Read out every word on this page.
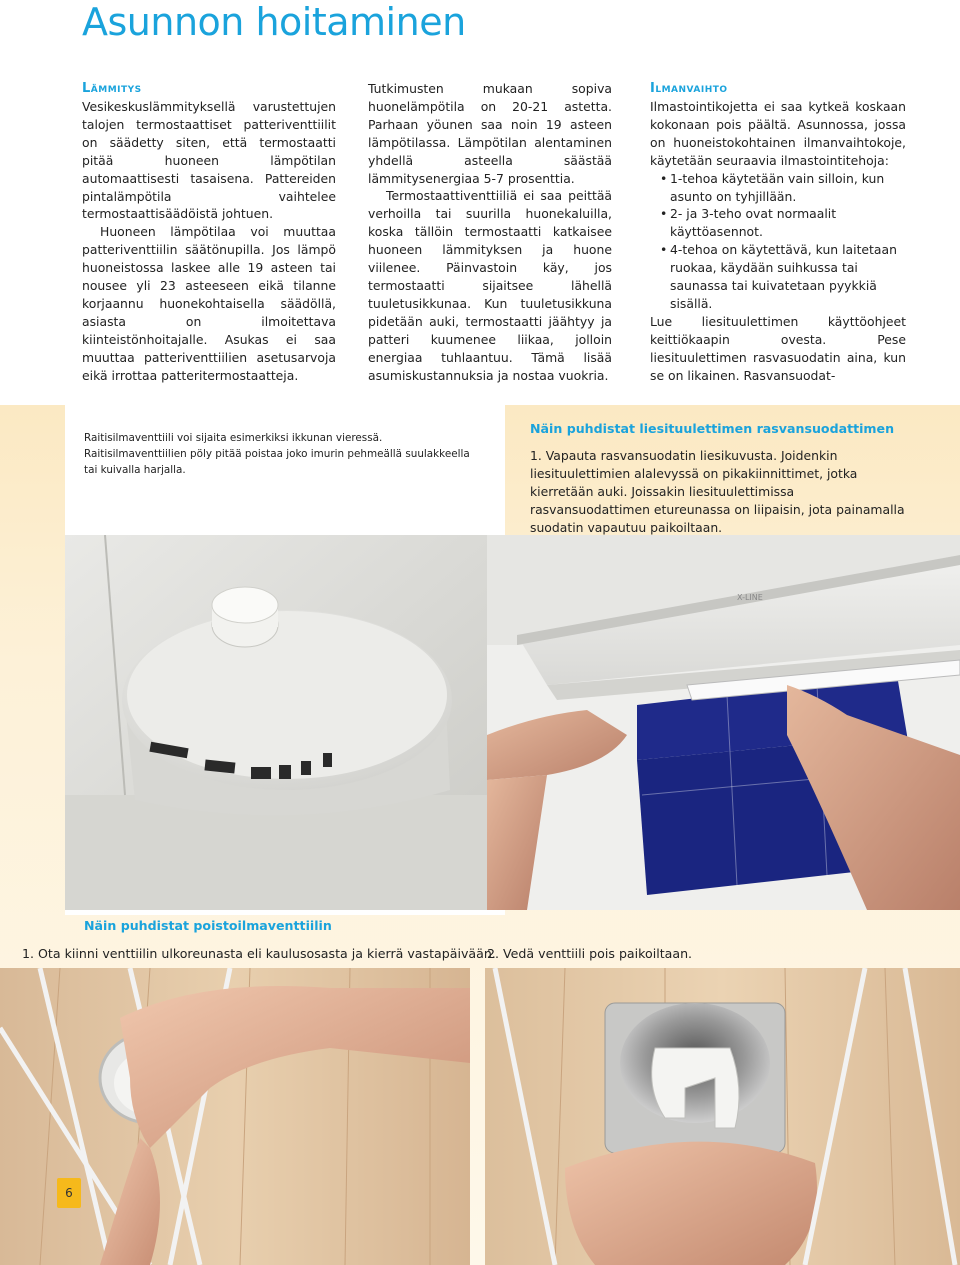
Asunnon hoitaminen
Lämmitys

Vesikeskuslämmityksellä varustettujen talojen termostaattiset patteriventtiilit on säädetty siten, että termostaatti pitää huoneen lämpötilan automaattisesti tasaisena. Pattereiden pintalämpötila vaihtelee termostaattisäädöistä johtuen.

Huoneen lämpötilaa voi muuttaa patteriventtiilin säätönupilla. Jos lämpö huoneistossa laskee alle 19 asteen tai nousee yli 23 asteeseen eikä tilanne korjaannu huonekohtaisella säädöllä, asiasta on ilmoitettava kiinteistönhoitajalle. Asukas ei saa muuttaa patteriventtiilien asetusarvoja eikä irrottaa patteritermostaatteja.

Tutkimusten mukaan sopiva huonelämpötila on 20-21 astetta. Parhaan yöunen saa noin 19 asteen lämpötilassa. Lämpötilan alentaminen yhdellä asteella säästää lämmitysenergiaa 5-7 prosenttia.

Termostaattiventtiiliä ei saa peittää verhoilla tai suurilla huonekaluilla, koska tällöin termostaatti katkaisee huoneen lämmityksen ja huone viilenee. Päinvastoin käy, jos termostaatti sijaitsee lähellä tuuletusikkunaa. Kun tuuletusikkuna pidetään auki, termostaatti jäähtyy ja patteri kuumenee liikaa, jolloin energiaa tuhlaantuu. Tämä lisää asumiskustannuksia ja nostaa vuokria.

Ilmanvaihto

Ilmastointikojetta ei saa kytkeä koskaan kokonaan pois päältä. Asunnossa, jossa on huoneistokohtainen ilmanvaihtokoje, käytetään seuraavia ilmastointitehoja:

• 1-tehoa käytetään vain silloin, kun asunto on tyhjillään.
• 2- ja 3-teho ovat normaalit käyttöasennot.
• 4-tehoa on käytettävä, kun laitetaan ruokaa, käydään suihkussa tai saunassa tai kuivatetaan pyykkiä sisällä.

Lue liesituulettimen käyttöohjeet keittiökaapin ovesta. Pese liesituulettimen rasvasuodatin aina, kun se on likainen. Rasvansuodat-

Raitisilmaventtiili voi sijaita esimerkiksi ikkunan vieressä. Raitisilmaventtiilien pöly pitää poistaa joko imurin pehmeällä suulakkeella tai kuivalla harjalla.
Näin puhdistat liesituulettimen rasvansuodattimen

1. Vapauta rasvansuodatin liesikuvusta. Joidenkin liesituulettimien alalevyssä on pikakiinnittimet, jotka kierretään auki. Joissakin liesituulettimissa rasvansuodattimen etureunassa on liipaisin, jota painamalla suodatin vapautuu paikoiltaan.

X-LINE
Näin puhdistat poistoilmaventtiilin
1. Ota kiinni venttiilin ulkoreunasta eli kaulusosasta ja kierrä vastapäivään.
2. Vedä venttiili pois paikoiltaan.
6
